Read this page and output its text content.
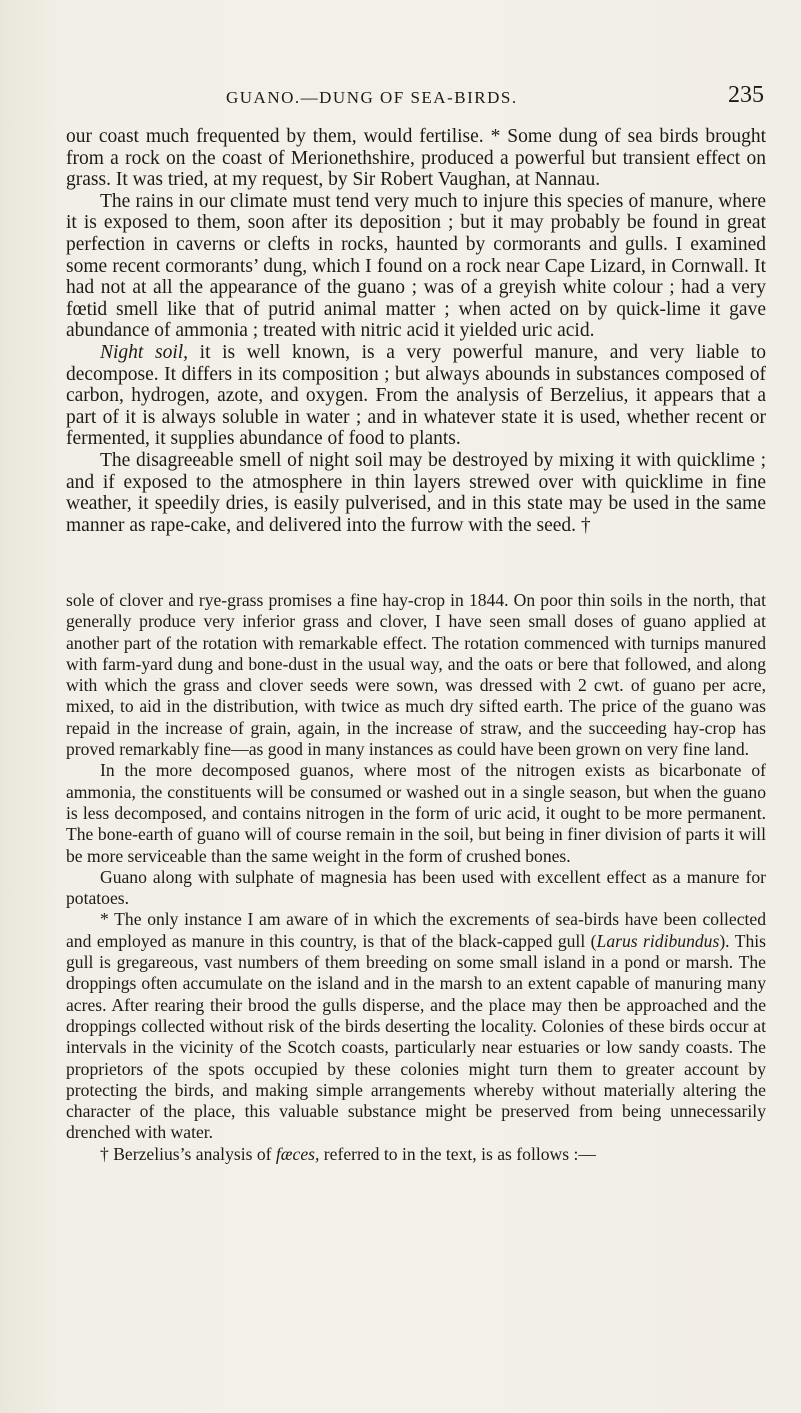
GUANO.—DUNG OF SEA-BIRDS.	235

our coast much frequented by them, would fertilise. * Some dung of sea birds brought from a rock on the coast of Merionethshire, produced a powerful but transient effect on grass. It was tried, at my request, by Sir Robert Vaughan, at Nannau.

The rains in our climate must tend very much to injure this species of manure, where it is exposed to them, soon after its deposition ; but it may probably be found in great perfection in caverns or clefts in rocks, haunted by cormorants and gulls. I examined some recent cormorants’ dung, which I found on a rock near Cape Lizard, in Cornwall. It had not at all the appearance of the guano ; was of a greyish white colour ; had a very fœtid smell like that of putrid animal matter ; when acted on by quick-lime it gave abundance of ammonia ; treated with nitric acid it yielded uric acid.

Night soil, it is well known, is a very powerful manure, and very liable to decompose. It differs in its composition ; but always abounds in substances composed of carbon, hydrogen, azote, and oxygen. From the analysis of Berzelius, it appears that a part of it is always soluble in water ; and in whatever state it is used, whether recent or fermented, it supplies abundance of food to plants.

The disagreeable smell of night soil may be destroyed by mixing it with quicklime ; and if exposed to the atmosphere in thin layers strewed over with quicklime in fine weather, it speedily dries, is easily pulverised, and in this state may be used in the same manner as rape-cake, and delivered into the furrow with the seed. †

sole of clover and rye-grass promises a fine hay-crop in 1844. On poor thin soils in the north, that generally produce very inferior grass and clover, I have seen small doses of guano applied at another part of the rotation with remarkable effect. The rotation commenced with turnips manured with farm-yard dung and bone-dust in the usual way, and the oats or bere that followed, and along with which the grass and clover seeds were sown, was dressed with 2 cwt. of guano per acre, mixed, to aid in the distribution, with twice as much dry sifted earth. The price of the guano was repaid in the increase of grain, again, in the increase of straw, and the succeeding hay-crop has proved remarkably fine—as good in many instances as could have been grown on very fine land.

In the more decomposed guanos, where most of the nitrogen exists as bicarbonate of ammonia, the constituents will be consumed or washed out in a single season, but when the guano is less decomposed, and contains nitrogen in the form of uric acid, it ought to be more permanent. The bone-earth of guano will of course remain in the soil, but being in finer division of parts it will be more serviceable than the same weight in the form of crushed bones.

Guano along with sulphate of magnesia has been used with excellent effect as a manure for potatoes.

* The only instance I am aware of in which the excrements of sea-birds have been collected and employed as manure in this country, is that of the black-capped gull (Larus ridibundus). This gull is gregareous, vast numbers of them breeding on some small island in a pond or marsh. The droppings often accumulate on the island and in the marsh to an extent capable of manuring many acres. After rearing their brood the gulls disperse, and the place may then be approached and the droppings collected without risk of the birds deserting the locality. Colonies of these birds occur at intervals in the vicinity of the Scotch coasts, particularly near estuaries or low sandy coasts. The proprietors of the spots occupied by these colonies might turn them to greater account by protecting the birds, and making simple arrangements whereby without materially altering the character of the place, this valuable substance might be preserved from being unnecessarily drenched with water.

† Berzelius’s analysis of fæces, referred to in the text, is as follows :—
